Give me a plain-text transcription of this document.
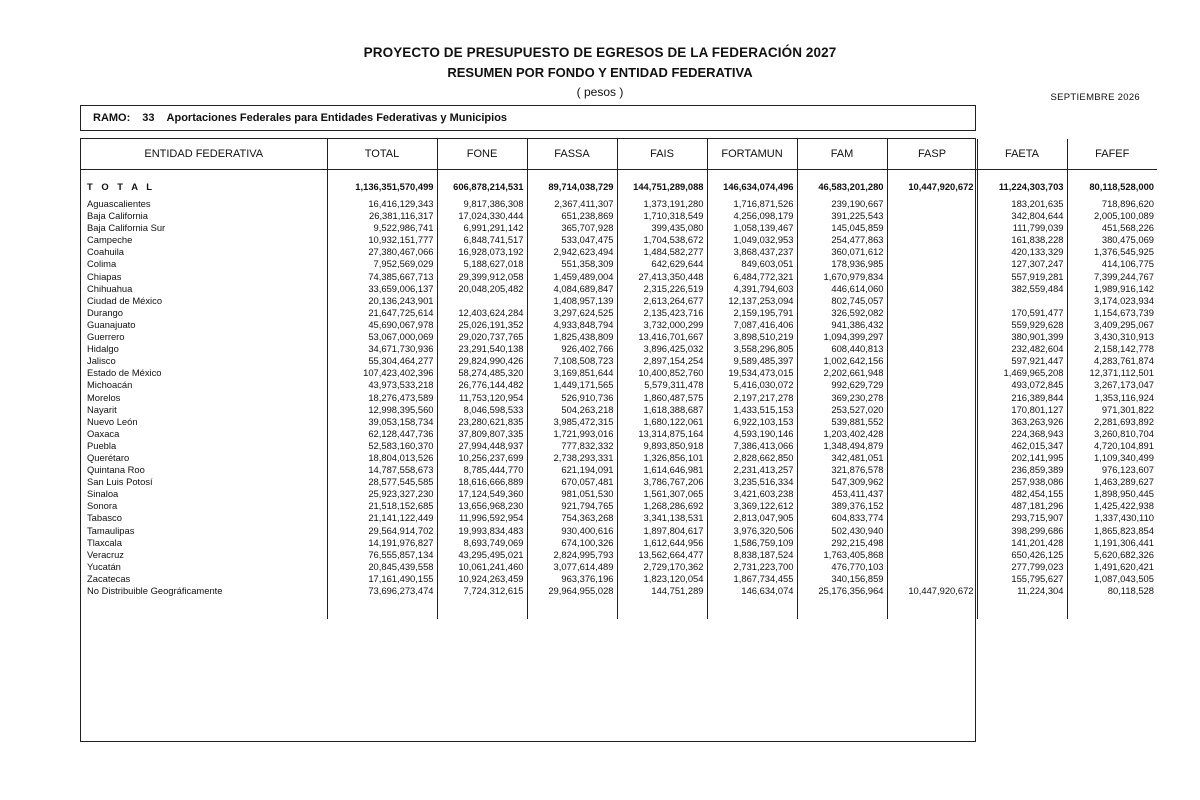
PROYECTO DE PRESUPUESTO DE EGRESOS DE LA FEDERACIÓN 2027
RESUMEN POR FONDO Y ENTIDAD FEDERATIVA
( pesos )	SEPTIEMBRE 2026
RAMO: 33 Aportaciones Federales para Entidades Federativas y Municipios
ENTIDAD FEDERATIVA	TOTAL	FONE	FASSA	FAIS	FORTAMUN	FAM	FASP	FAETA	FAFEF

T O T A L	1,136,351,570,499	606,878,214,531	89,714,038,729	144,751,289,088	146,634,074,496	46,583,201,280	10,447,920,672	11,224,303,703	80,118,528,000

Aguascalientes	16,416,129,343	9,817,386,308	2,367,411,307	1,373,191,280	1,716,871,526	239,190,667		183,201,635	718,896,620
Baja California	26,381,116,317	17,024,330,444	651,238,869	1,710,318,549	4,256,098,179	391,225,543		342,804,644	2,005,100,089
Baja California Sur	9,522,986,741	6,991,291,142	365,707,928	399,435,080	1,058,139,467	145,045,859		111,799,039	451,568,226
Campeche	10,932,151,777	6,848,741,517	533,047,475	1,704,538,672	1,049,032,953	254,477,863		161,838,228	380,475,069
Coahuila	27,380,467,066	16,928,073,192	2,942,623,494	1,484,582,277	3,868,437,237	360,071,612		420,133,329	1,376,545,925
Colima	7,952,569,029	5,188,627,018	551,358,309	642,629,644	849,603,051	178,936,985		127,307,247	414,106,775
Chiapas	74,385,667,713	29,399,912,058	1,459,489,004	27,413,350,448	6,484,772,321	1,670,979,834		557,919,281	7,399,244,767
Chihuahua	33,659,006,137	20,048,205,482	4,084,689,847	2,315,226,519	4,391,794,603	446,614,060		382,559,484	1,989,916,142
Ciudad de México	20,136,243,901		1,408,957,139	2,613,264,677	12,137,253,094	802,745,057			3,174,023,934
Durango	21,647,725,614	12,403,624,284	3,297,624,525	2,135,423,716	2,159,195,791	326,592,082		170,591,477	1,154,673,739
Guanajuato	45,690,067,978	25,026,191,352	4,933,848,794	3,732,000,299	7,087,416,406	941,386,432		559,929,628	3,409,295,067
Guerrero	53,067,000,069	29,020,737,765	1,825,438,809	13,416,701,667	3,898,510,219	1,094,399,297		380,901,399	3,430,310,913
Hidalgo	34,671,730,936	23,291,540,138	926,402,766	3,896,425,032	3,558,296,805	608,440,813		232,482,604	2,158,142,778
Jalisco	55,304,464,277	29,824,990,426	7,108,508,723	2,897,154,254	9,589,485,397	1,002,642,156		597,921,447	4,283,761,874
Estado de México	107,423,402,396	58,274,485,320	3,169,851,644	10,400,852,760	19,534,473,015	2,202,661,948		1,469,965,208	12,371,112,501
Michoacán	43,973,533,218	26,776,144,482	1,449,171,565	5,579,311,478	5,416,030,072	992,629,729		493,072,845	3,267,173,047
Morelos	18,276,473,589	11,753,120,954	526,910,736	1,860,487,575	2,197,217,278	369,230,278		216,389,844	1,353,116,924
Nayarit	12,998,395,560	8,046,598,533	504,263,218	1,618,388,687	1,433,515,153	253,527,020		170,801,127	971,301,822
Nuevo León	39,053,158,734	23,280,621,835	3,985,472,315	1,680,122,061	6,922,103,153	539,881,552		363,263,926	2,281,693,892
Oaxaca	62,128,447,736	37,809,807,335	1,721,993,016	13,314,875,164	4,593,190,146	1,203,402,428		224,368,943	3,260,810,704
Puebla	52,583,160,370	27,994,448,937	777,832,332	9,893,850,918	7,386,413,066	1,348,494,879		462,015,347	4,720,104,891
Querétaro	18,804,013,526	10,256,237,699	2,738,293,331	1,326,856,101	2,828,662,850	342,481,051		202,141,995	1,109,340,499
Quintana Roo	14,787,558,673	8,785,444,770	621,194,091	1,614,646,981	2,231,413,257	321,876,578		236,859,389	976,123,607
San Luis Potosí	28,577,545,585	18,616,666,889	670,057,481	3,786,767,206	3,235,516,334	547,309,962		257,938,086	1,463,289,627
Sinaloa	25,923,327,230	17,124,549,360	981,051,530	1,561,307,065	3,421,603,238	453,411,437		482,454,155	1,898,950,445
Sonora	21,518,152,685	13,656,968,230	921,794,765	1,268,286,692	3,369,122,612	389,376,152		487,181,296	1,425,422,938
Tabasco	21,141,122,449	11,996,592,954	754,363,268	3,341,138,531	2,813,047,905	604,833,774		293,715,907	1,337,430,110
Tamaulipas	29,564,914,702	19,993,834,483	930,400,616	1,897,804,617	3,976,320,506	502,430,940		398,299,686	1,865,823,854
Tlaxcala	14,191,976,827	8,693,749,069	674,100,326	1,612,644,956	1,586,759,109	292,215,498		141,201,428	1,191,306,441
Veracruz	76,555,857,134	43,295,495,021	2,824,995,793	13,562,664,477	8,838,187,524	1,763,405,868		650,426,125	5,620,682,326
Yucatán	20,845,439,558	10,061,241,460	3,077,614,489	2,729,170,362	2,731,223,700	476,770,103		277,799,023	1,491,620,421
Zacatecas	17,161,490,155	10,924,263,459	963,376,196	1,823,120,054	1,867,734,455	340,156,859		155,795,627	1,087,043,505
No Distribuible Geográficamente	73,696,273,474	7,724,312,615	29,964,955,028	144,751,289	146,634,074	25,176,356,964	10,447,920,672	11,224,304	80,118,528
